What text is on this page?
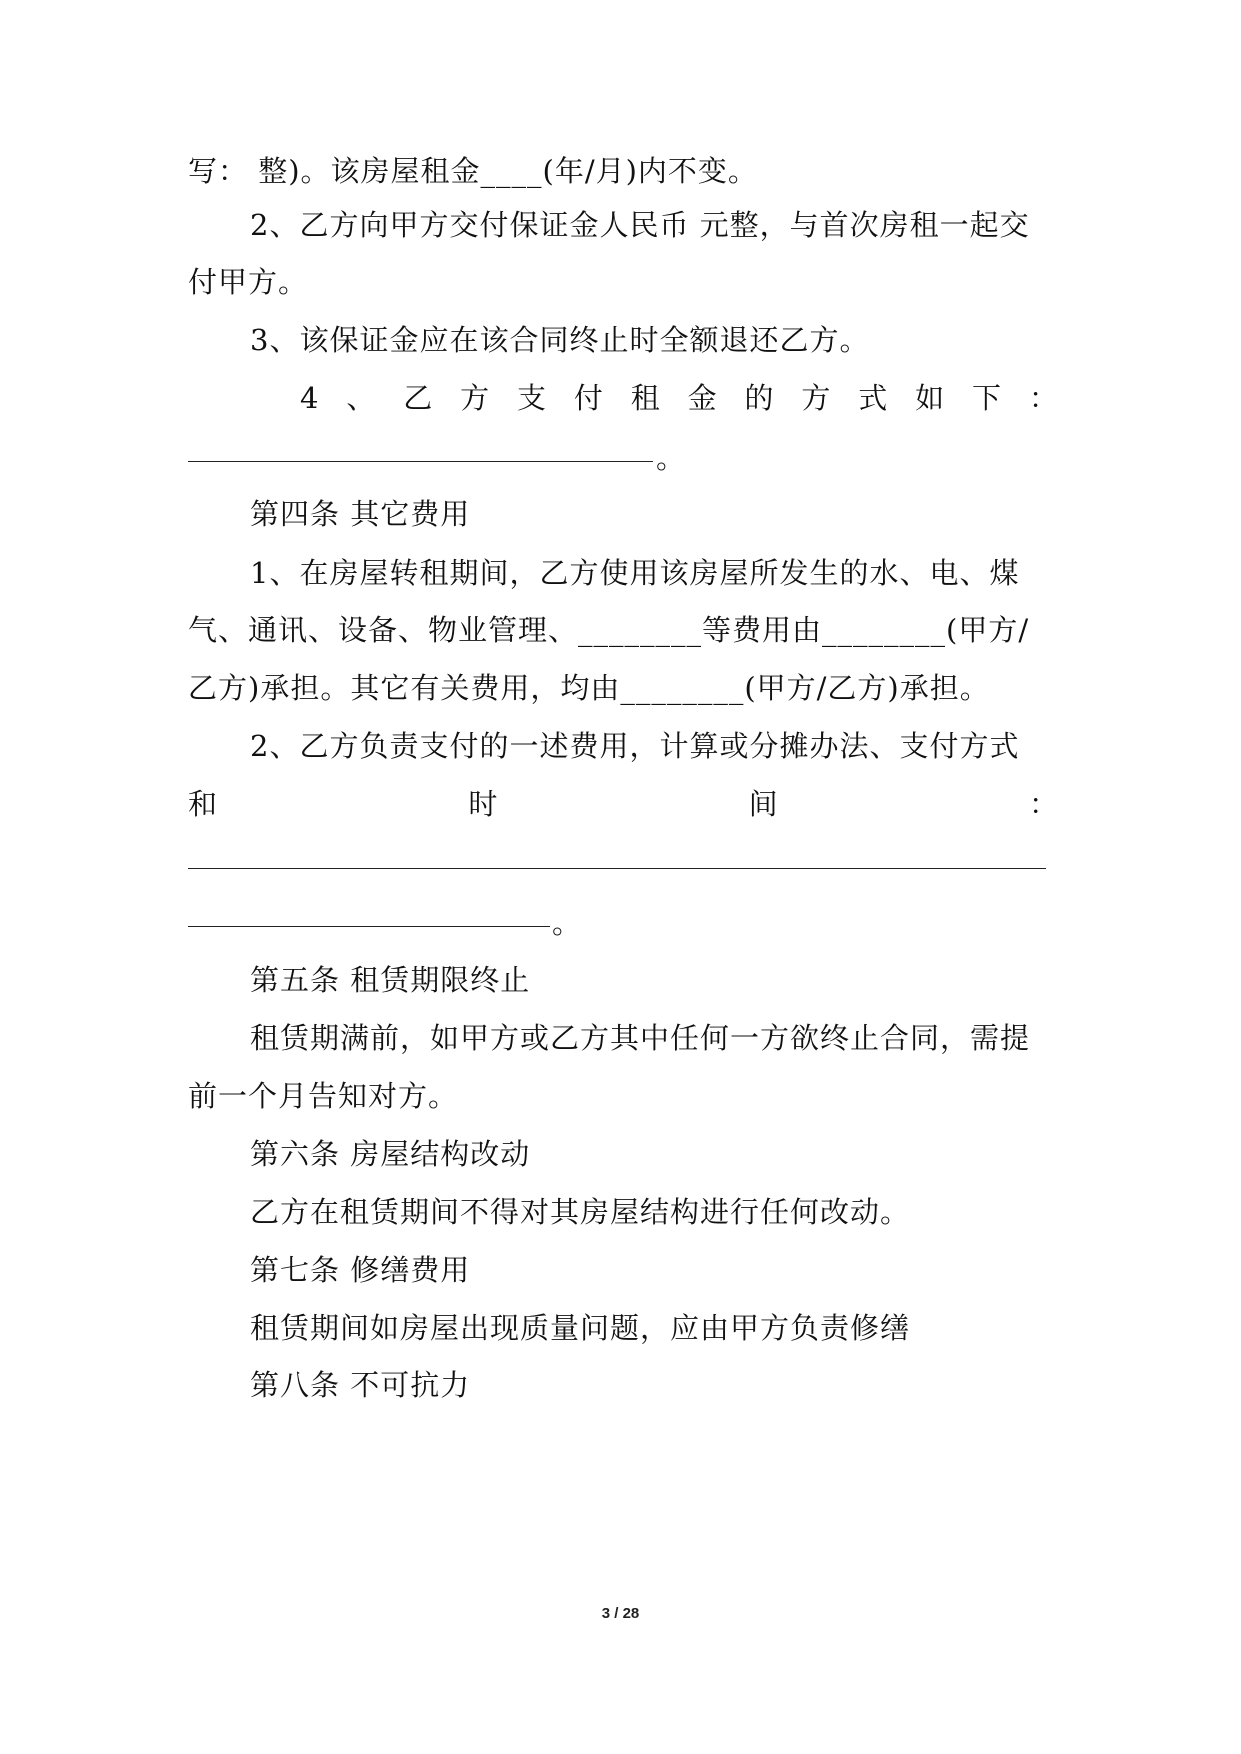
写： 整)。该房屋租金____(年/月)内不变。
2、乙方向甲方交付保证金人民币 元整，与首次房租一起交
付甲方。
3、该保证金应在该合同终止时全额退还乙方。
4 、 乙 方 支 付 租 金 的 方 式 如 下 ：
。
第四条 其它费用
1、在房屋转租期间，乙方使用该房屋所发生的水、电、煤
气、通讯、设备、物业管理、________等费用由________(甲方/
乙方)承担。其它有关费用，均由________(甲方/乙方)承担。
2、乙方负责支付的一述费用，计算或分摊办法、支付方式
和	时	间	：
。
第五条 租赁期限终止
租赁期满前，如甲方或乙方其中任何一方欲终止合同，需提
前一个月告知对方。
第六条 房屋结构改动
乙方在租赁期间不得对其房屋结构进行任何改动。
第七条 修缮费用
租赁期间如房屋出现质量问题，应由甲方负责修缮
第八条 不可抗力
3 / 28
